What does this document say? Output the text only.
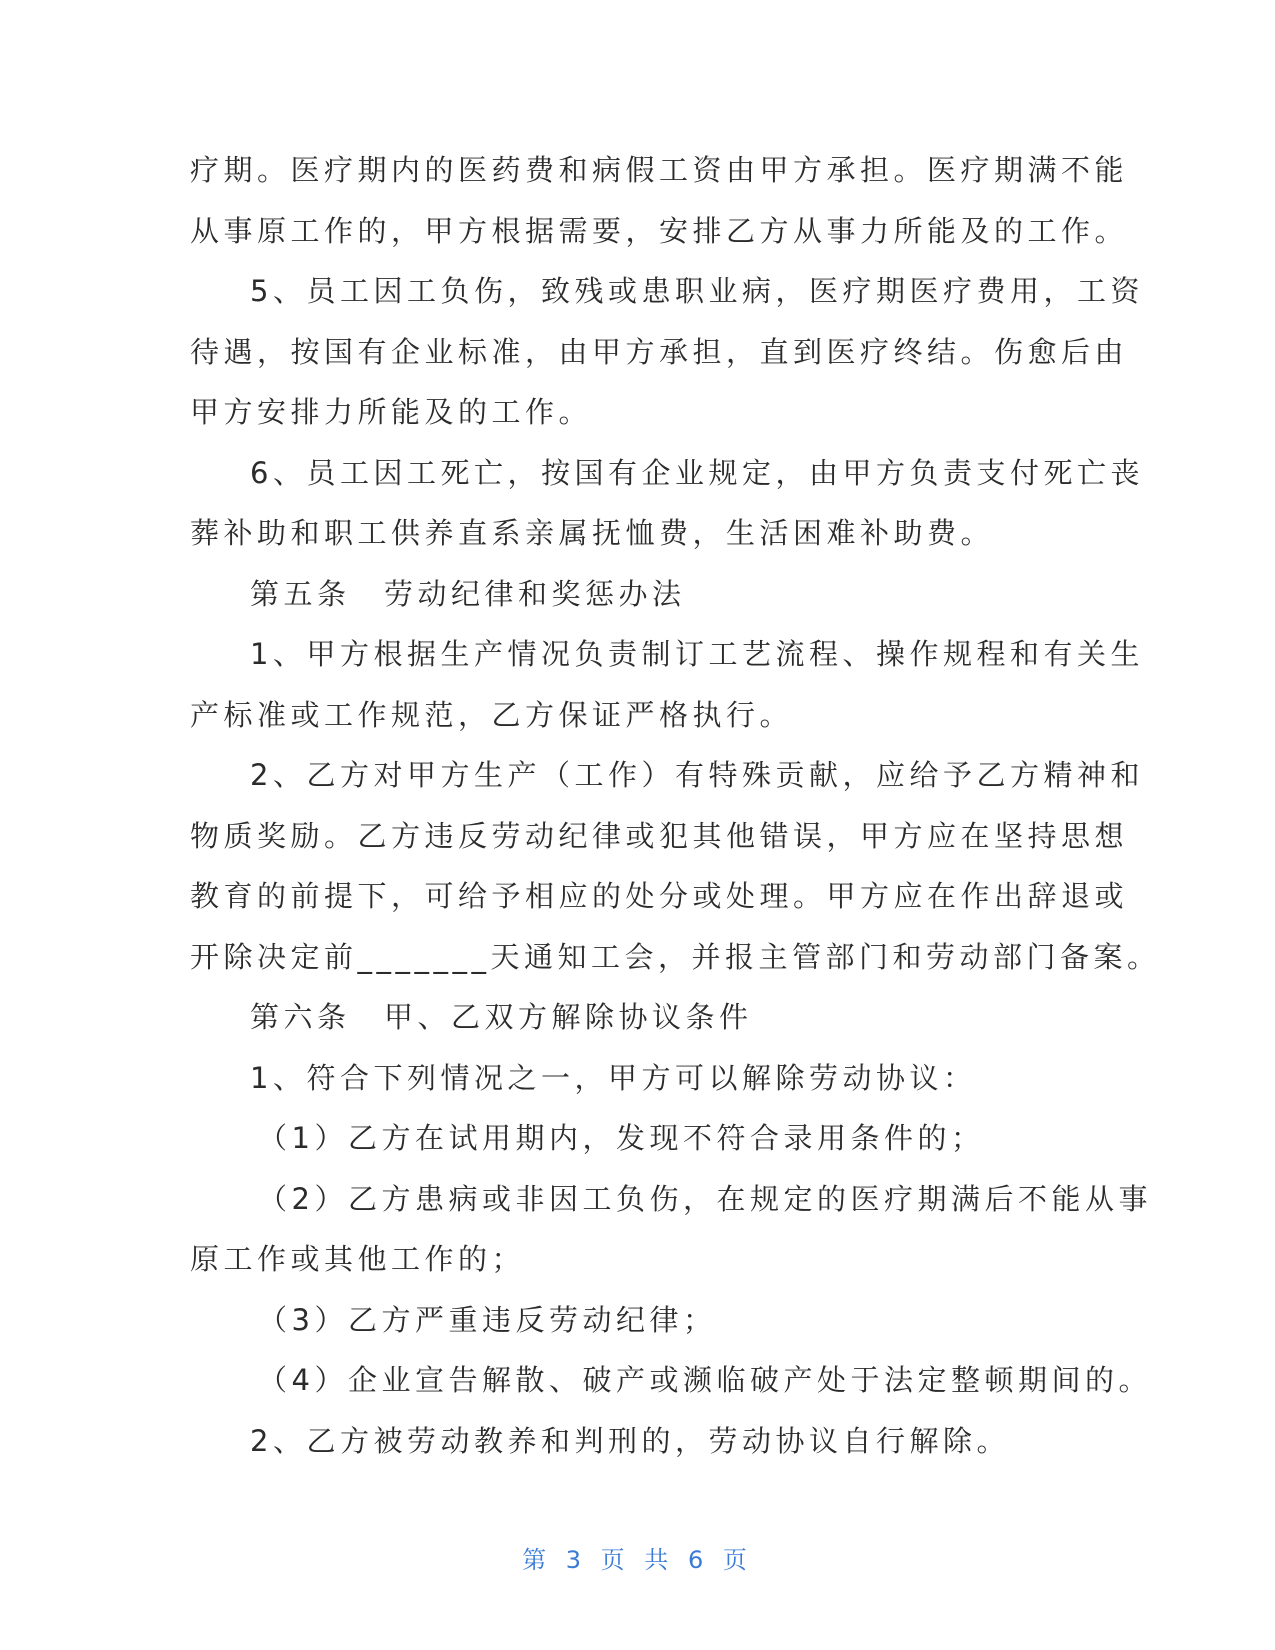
疗期。医疗期内的医药费和病假工资由甲方承担。医疗期满不能

从事原工作的，甲方根据需要，安排乙方从事力所能及的工作。

5、员工因工负伤，致残或患职业病，医疗期医疗费用，工资

待遇，按国有企业标准，由甲方承担，直到医疗终结。伤愈后由

甲方安排力所能及的工作。

6、员工因工死亡，按国有企业规定，由甲方负责支付死亡丧

葬补助和职工供养直系亲属抚恤费，生活困难补助费。

第五条　劳动纪律和奖惩办法

1、甲方根据生产情况负责制订工艺流程、操作规程和有关生

产标准或工作规范，乙方保证严格执行。

2、乙方对甲方生产（工作）有特殊贡献，应给予乙方精神和

物质奖励。乙方违反劳动纪律或犯其他错误，甲方应在坚持思想

教育的前提下，可给予相应的处分或处理。甲方应在作出辞退或

开除决定前_______天通知工会，并报主管部门和劳动部门备案。

第六条　甲、乙双方解除协议条件

1、符合下列情况之一，甲方可以解除劳动协议：

（1）乙方在试用期内，发现不符合录用条件的；

（2）乙方患病或非因工负伤，在规定的医疗期满后不能从事

原工作或其他工作的；

（3）乙方严重违反劳动纪律；

（4）企业宣告解散、破产或濒临破产处于法定整顿期间的。

2、乙方被劳动教养和判刑的，劳动协议自行解除。

第 3 页 共 6 页
